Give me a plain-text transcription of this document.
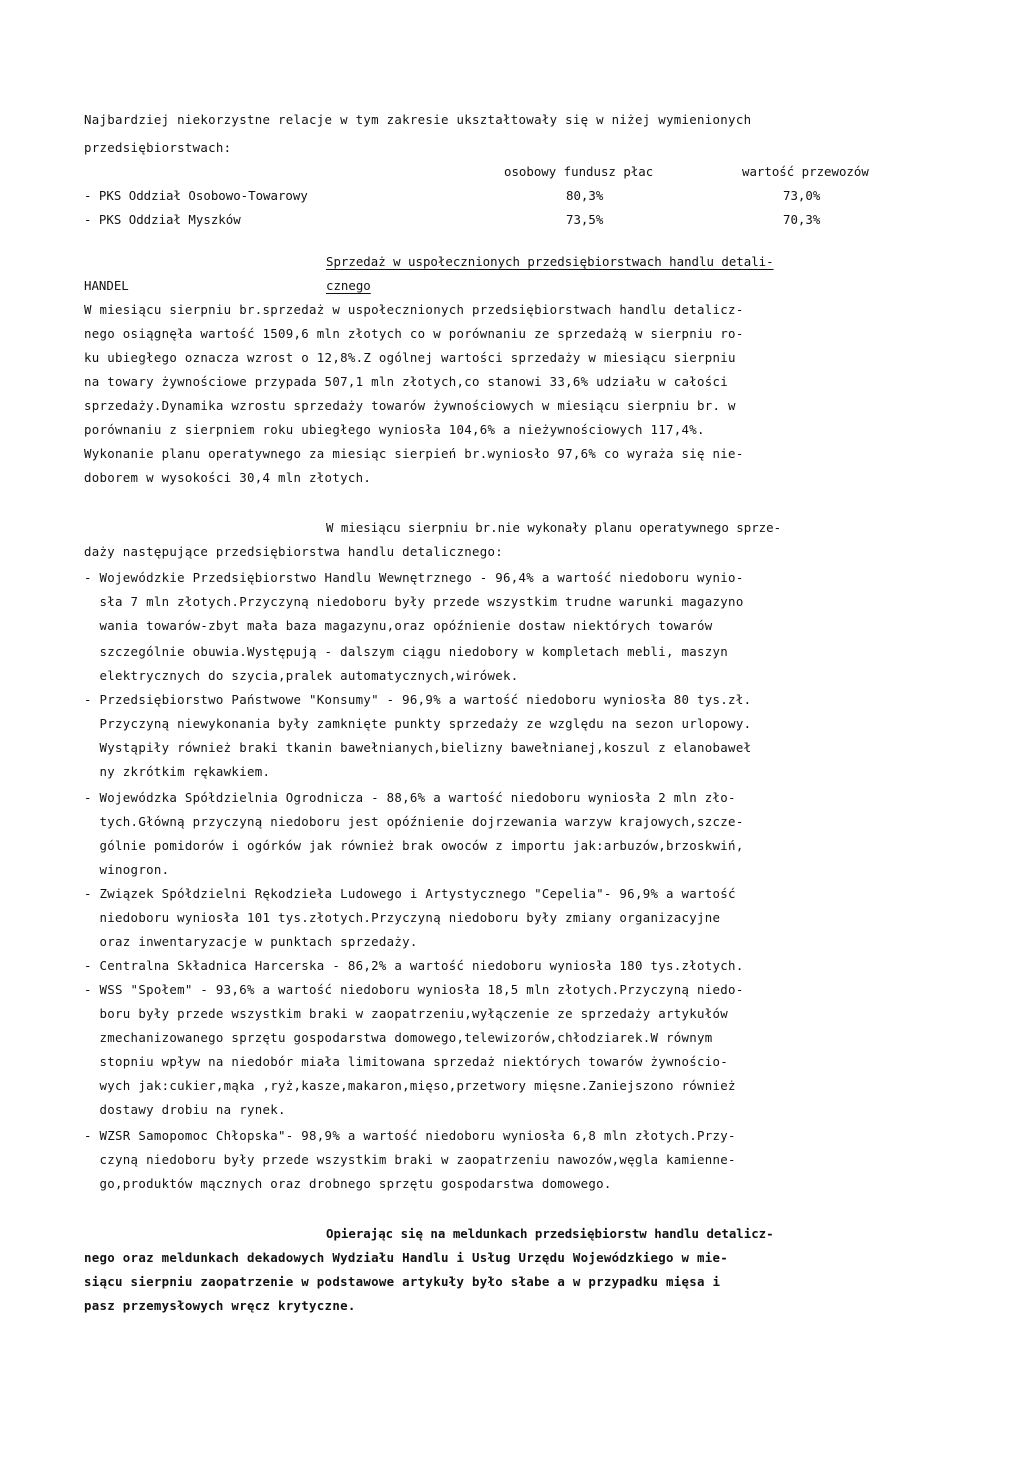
Najbardziej niekorzystne relacje w tym zakresie ukształtowały się w niżej wymienionych
przedsiębiorstwach:
osobowy fundusz płac	wartość przewozów
- PKS Oddział Osobowo-Towarowy	80,3%	73,0%
- PKS Oddział Myszków	73,5%	70,3%
Sprzedaż w uspołecznionych przedsiębiorstwach handlu detali-
HANDEL	cznego
W miesiącu sierpniu br.sprzedaż w uspołecznionych przedsiębiorstwach handlu detalicz-
nego osiągnęła wartość 1509,6 mln złotych co w porównaniu ze sprzedażą w sierpniu ro-
ku ubiegłego oznacza wzrost o 12,8%.Z ogólnej wartości sprzedaży w miesiącu sierpniu
na towary żywnościowe przypada 507,1 mln złotych,co stanowi 33,6% udziału w całości
sprzedaży.Dynamika wzrostu sprzedaży towarów żywnościowych w miesiącu sierpniu br. w
porównaniu z sierpniem roku ubiegłego wyniosła 104,6% a nieżywnościowych 117,4%.
Wykonanie planu operatywnego za miesiąc sierpień br.wyniosło 97,6% co wyraża się nie-
doborem w wysokości 30,4 mln złotych.
W miesiącu sierpniu br.nie wykonały planu operatywnego sprze-
daży następujące przedsiębiorstwa handlu detalicznego:
- Wojewódzkie Przedsiębiorstwo Handlu Wewnętrznego - 96,4% a wartość niedoboru wynio-
sła 7 mln złotych.Przyczyną niedoboru były przede wszystkim trudne warunki magazyno
wania towarów-zbyt mała baza magazynu,oraz opóźnienie dostaw niektórych towarów
szczególnie obuwia.Występują - dalszym ciągu niedobory w kompletach mebli, maszyn
elektrycznych do szycia,pralek automatycznych,wirówek.
- Przedsiębiorstwo Państwowe "Konsumy" - 96,9% a wartość niedoboru wyniosła 80 tys.zł.
Przyczyną niewykonania były zamknięte punkty sprzedaży ze względu na sezon urlopowy.
Wystąpiły również braki tkanin bawełnianych,bielizny bawełnianej,koszul z elanobaweł
ny zkrótkim rękawkiem.
- Wojewódzka Spółdzielnia Ogrodnicza - 88,6% a wartość niedoboru wyniosła 2 mln zło-
tych.Główną przyczyną niedoboru jest opóźnienie dojrzewania warzyw krajowych,szcze-
gólnie pomidorów i ogórków jak również brak owoców z importu jak:arbuzów,brzoskwiń,
winogron.
- Związek Spółdzielni Rękodzieła Ludowego i Artystycznego "Cepelia"- 96,9% a wartość
niedoboru wyniosła 101 tys.złotych.Przyczyną niedoboru były zmiany organizacyjne
oraz inwentaryzacje w punktach sprzedaży.
- Centralna Składnica Harcerska - 86,2% a wartość niedoboru wyniosła 180 tys.złotych.
- WSS "Społem" - 93,6% a wartość niedoboru wyniosła 18,5 mln złotych.Przyczyną niedo-
boru były przede wszystkim braki w zaopatrzeniu,wyłączenie ze sprzedaży artykułów
zmechanizowanego sprzętu gospodarstwa domowego,telewizorów,chłodziarek.W równym
stopniu wpływ na niedobór miała limitowana sprzedaż niektórych towarów żywnościo-
wych jak:cukier,mąka ,ryż,kasze,makaron,mięso,przetwory mięsne.Zaniejszono również
dostawy drobiu na rynek.
- WZSR Samopomoc Chłopska"- 98,9% a wartość niedoboru wyniosła 6,8 mln złotych.Przy-
czyną niedoboru były przede wszystkim braki w zaopatrzeniu nawozów,węgla kamienne-
go,produktów mącznych oraz drobnego sprzętu gospodarstwa domowego.
Opierając się na meldunkach przedsiębiorstw handlu detalicz-
nego oraz meldunkach dekadowych Wydziału Handlu i Usług Urzędu Wojewódzkiego w mie-
siącu sierpniu zaopatrzenie w podstawowe artykuły było słabe a w przypadku mięsa i
pasz przemysłowych wręcz krytyczne.
